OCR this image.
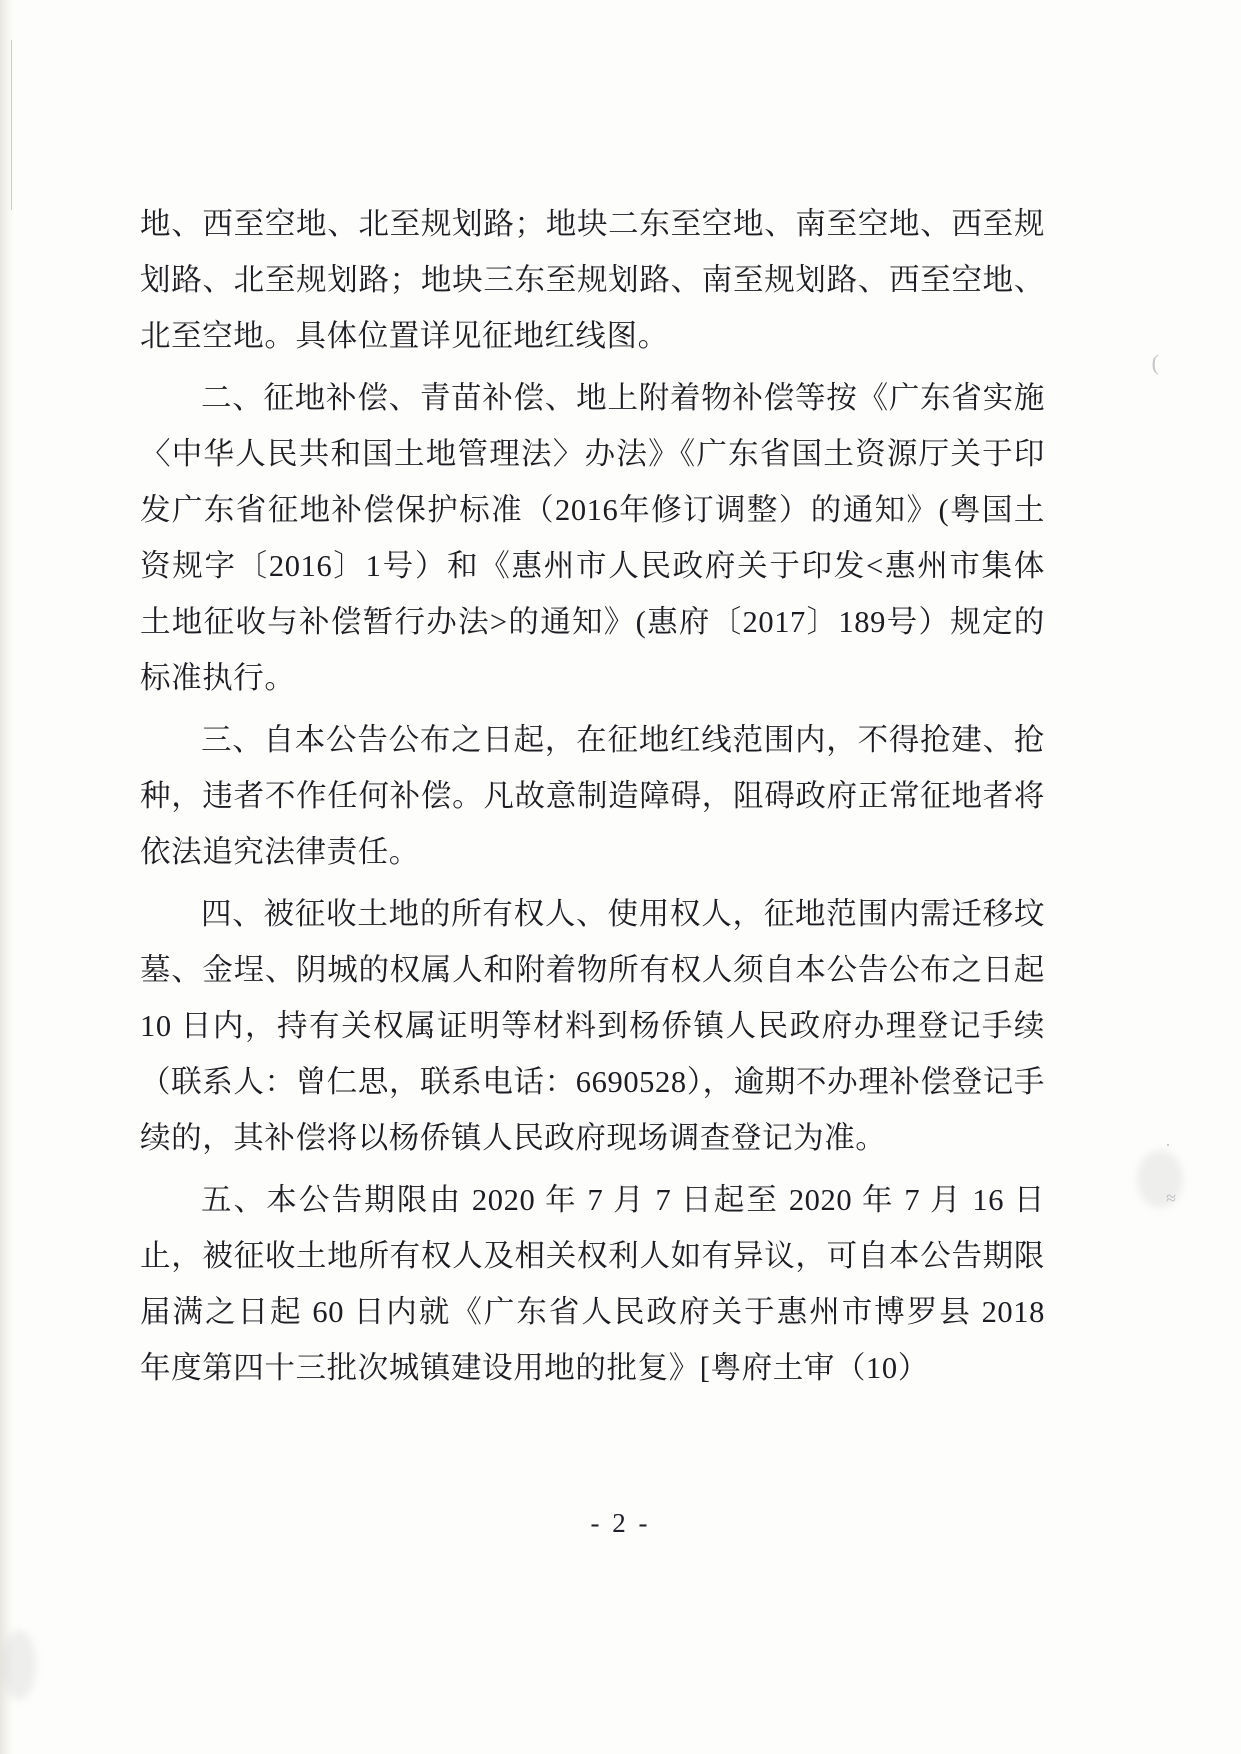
(
·
≈

地、西至空地、北至规划路；地块二东至空地、南至空地、西至规划路、北至规划路；地块三东至规划路、南至规划路、西至空地、北至空地。具体位置详见征地红线图。

二、征地补偿、青苗补偿、地上附着物补偿等按《广东省实施〈中华人民共和国土地管理法〉办法》《广东省国土资源厅关于印发广东省征地补偿保护标准（2016年修订调整）的通知》(粤国土资规字〔2016〕1号）和《惠州市人民政府关于印发<惠州市集体土地征收与补偿暂行办法>的通知》(惠府〔2017〕189号）规定的标准执行。

三、自本公告公布之日起，在征地红线范围内，不得抢建、抢种，违者不作任何补偿。凡故意制造障碍，阻碍政府正常征地者将依法追究法律责任。

四、被征收土地的所有权人、使用权人，征地范围内需迁移坟墓、金埕、阴城的权属人和附着物所有权人须自本公告公布之日起 10 日内，持有关权属证明等材料到杨侨镇人民政府办理登记手续（联系人：曾仁思，联系电话：6690528），逾期不办理补偿登记手续的，其补偿将以杨侨镇人民政府现场调查登记为准。

五、本公告期限由 2020 年 7 月 7 日起至 2020 年 7 月 16 日止，被征收土地所有权人及相关权利人如有异议，可自本公告期限届满之日起 60 日内就《广东省人民政府关于惠州市博罗县 2018 年度第四十三批次城镇建设用地的批复》[粤府土审（10）

- 2 -
